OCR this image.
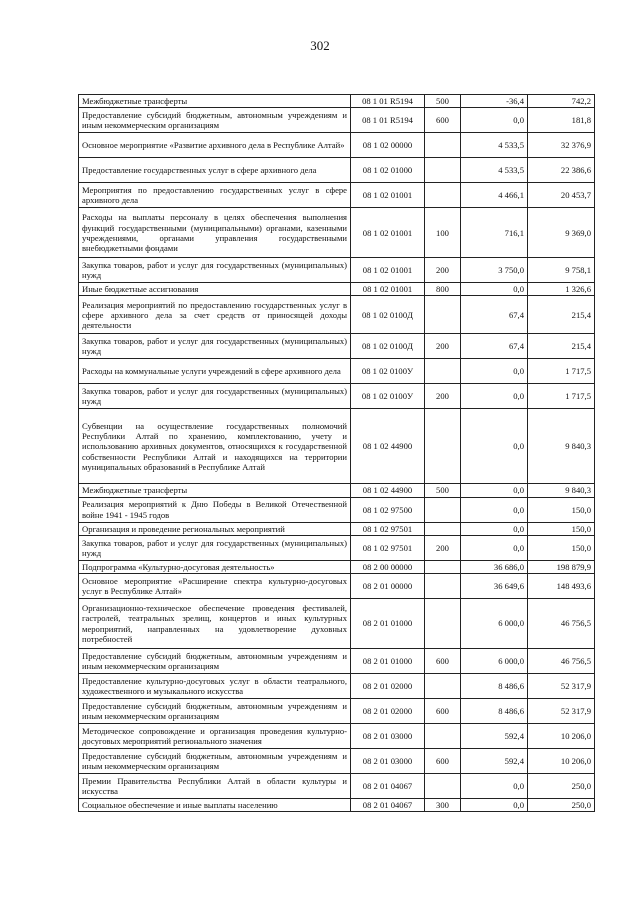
302
Межбюджетные трансферты	08 1 01 R5194	500	-36,4	742,2
Предоставление субсидий бюджетным, автономным учреждениям и иным некоммерческим организациям	08 1 01 R5194	600	0,0	181,8
Основное мероприятие «Развитие архивного дела в Республике Алтай»	08 1 02 00000		4 533,5	32 376,9
Предоставление государственных услуг в сфере архивного дела	08 1 02 01000		4 533,5	22 386,6
Мероприятия по предоставлению государственных услуг в сфере архивного дела	08 1 02 01001		4 466,1	20 453,7
Расходы на выплаты персоналу в целях обеспечения выполнения функций государственными (муниципальными) органами, казенными учреждениями, органами управления государственными внебюджетными фондами	08 1 02 01001	100	716,1	9 369,0
Закупка товаров, работ и услуг для государственных (муниципальных) нужд	08 1 02 01001	200	3 750,0	9 758,1
Иные бюджетные ассигнования	08 1 02 01001	800	0,0	1 326,6
Реализация мероприятий по предоставлению государственных услуг в сфере архивного дела за счет средств от приносящей доходы деятельности	08 1 02 0100Д		67,4	215,4
Закупка товаров, работ и услуг для государственных (муниципальных) нужд	08 1 02 0100Д	200	67,4	215,4
Расходы на коммунальные услуги учреждений в сфере архивного дела	08 1 02 0100У		0,0	1 717,5
Закупка товаров, работ и услуг для государственных (муниципальных) нужд	08 1 02 0100У	200	0,0	1 717,5
Субвенции на осуществление государственных полномочий Республики Алтай по хранению, комплектованию, учету и использованию архивных документов, относящихся к государственной собственности Республики Алтай и находящихся на территории муниципальных образований в Республике Алтай	08 1 02 44900		0,0	9 840,3
Межбюджетные трансферты	08 1 02 44900	500	0,0	9 840,3
Реализация мероприятий к Дню Победы в Великой Отечественной войне 1941 - 1945 годов	08 1 02 97500		0,0	150,0
Организация и проведение региональных мероприятий	08 1 02 97501		0,0	150,0
Закупка товаров, работ и услуг для государственных (муниципальных) нужд	08 1 02 97501	200	0,0	150,0
Подпрограмма «Культурно-досуговая деятельность»	08 2 00 00000		36 686,0	198 879,9
Основное мероприятие «Расширение спектра культурно-досуговых услуг в Республике Алтай»	08 2 01 00000		36 649,6	148 493,6
Организационно-техническое обеспечение проведения фестивалей, гастролей, театральных зрелищ, концертов и иных культурных мероприятий, направленных на удовлетворение духовных потребностей	08 2 01 01000		6 000,0	46 756,5
Предоставление субсидий бюджетным, автономным учреждениям и иным некоммерческим организациям	08 2 01 01000	600	6 000,0	46 756,5
Предоставление культурно-досуговых услуг в области театрального, художественного и музыкального искусства	08 2 01 02000		8 486,6	52 317,9
Предоставление субсидий бюджетным, автономным учреждениям и иным некоммерческим организациям	08 2 01 02000	600	8 486,6	52 317,9
Методическое сопровождение и организация проведения культурно-досуговых мероприятий регионального значения	08 2 01 03000		592,4	10 206,0
Предоставление субсидий бюджетным, автономным учреждениям и иным некоммерческим организациям	08 2 01 03000	600	592,4	10 206,0
Премии Правительства Республики Алтай в области культуры и искусства	08 2 01 04067		0,0	250,0
Социальное обеспечение и иные выплаты населению	08 2 01 04067	300	0,0	250,0
